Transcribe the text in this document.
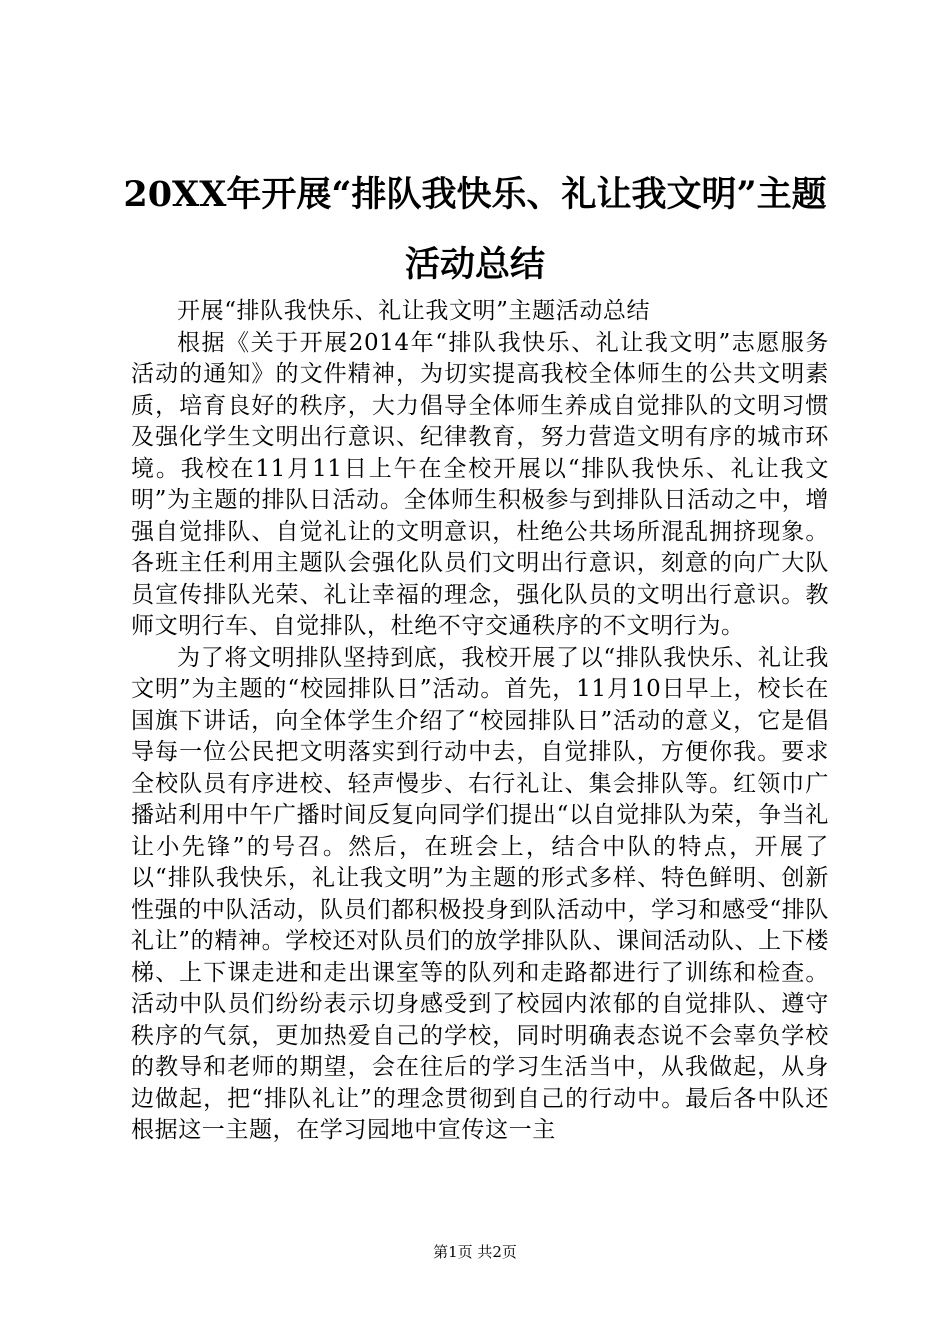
20XX年开展“排队我快乐、礼让我文明”主题活动总结

开展“排队我快乐、礼让我文明”主题活动总结

根据《关于开展2014年“排队我快乐、礼让我文明”志愿服务活动的通知》的文件精神，为切实提高我校全体师生的公共文明素质，培育良好的秩序，大力倡导全体师生养成自觉排队的文明习惯及强化学生文明出行意识、纪律教育，努力营造文明有序的城市环境。我校在11月11日上午在全校开展以“排队我快乐、礼让我文明”为主题的排队日活动。全体师生积极参与到排队日活动之中，增强自觉排队、自觉礼让的文明意识，杜绝公共场所混乱拥挤现象。各班主任利用主题队会强化队员们文明出行意识，刻意的向广大队员宣传排队光荣、礼让幸福的理念，强化队员的文明出行意识。教师文明行车、自觉排队，杜绝不守交通秩序的不文明行为。

为了将文明排队坚持到底，我校开展了以“排队我快乐、礼让我文明”为主题的“校园排队日”活动。首先，11月10日早上，校长在国旗下讲话，向全体学生介绍了“校园排队日”活动的意义，它是倡导每一位公民把文明落实到行动中去，自觉排队，方便你我。要求全校队员有序进校、轻声慢步、右行礼让、集会排队等。红领巾广播站利用中午广播时间反复向同学们提出“以自觉排队为荣，争当礼让小先锋”的号召。然后，在班会上，结合中队的特点，开展了以“排队我快乐，礼让我文明”为主题的形式多样、特色鲜明、创新性强的中队活动，队员们都积极投身到队活动中，学习和感受“排队礼让”的精神。学校还对队员们的放学排队队、课间活动队、上下楼梯、上下课走进和走出课室等的队列和走路都进行了训练和检查。活动中队员们纷纷表示切身感受到了校园内浓郁的自觉排队、遵守秩序的气氛，更加热爱自己的学校，同时明确表态说不会辜负学校的教导和老师的期望，会在往后的学习生活当中，从我做起，从身边做起，把“排队礼让”的理念贯彻到自己的行动中。最后各中队还根据这一主题，在学习园地中宣传这一主

第1页 共2页
